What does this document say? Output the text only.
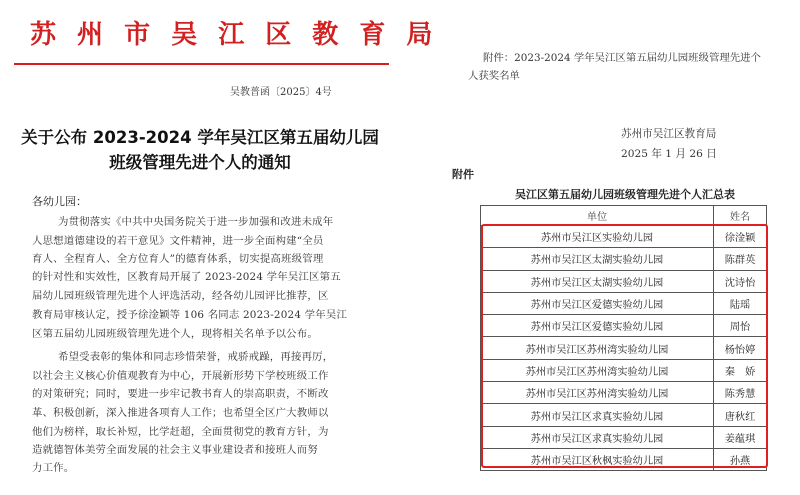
苏 州 市 吴 江 区 教 育 局
吴教普函〔2025〕4号
关于公布 2023-2024 学年吴江区第五届幼儿园
班级管理先进个人的通知
各幼儿园：
为贯彻落实《中共中央国务院关于进一步加强和改进未成年
人思想道德建设的若干意见》文件精神，进一步全面构建“全员
育人、全程育人、全方位育人”的德育体系，切实提高班级管理
的针对性和实效性，区教育局开展了 2023-2024 学年吴江区第五
届幼儿园班级管理先进个人评选活动，经各幼儿园评比推荐，区
教育局审核认定，授予徐淦颖等 106 名同志 2023-2024 学年吴江
区第五届幼儿园班级管理先进个人，现将相关名单予以公布。
希望受表彰的集体和同志珍惜荣誉，戒骄戒躁，再接再厉，
以社会主义核心价值观教育为中心，开展新形势下学校班级工作
的对策研究；同时，要进一步牢记教书育人的崇高职责，不断改
革、积极创新，深入推进各项育人工作；也希望全区广大教师以
他们为榜样，取长补短，比学赶超，全面贯彻党的教育方针，为
造就德智体美劳全面发展的社会主义事业建设者和接班人而努
力工作。
附件：2023-2024 学年吴江区第五届幼儿园班级管理先进个
人获奖名单
苏州市吴江区教育局
2025 年 1 月 26 日
附件
吴江区第五届幼儿园班级管理先进个人汇总表
单位	姓名
苏州市吴江区实验幼儿园	徐淦颖
苏州市吴江区太湖实验幼儿园	陈群英
苏州市吴江区太湖实验幼儿园	沈诗怡
苏州市吴江区爱德实验幼儿园	陆瑶
苏州市吴江区爱德实验幼儿园	周怡
苏州市吴江区苏州湾实验幼儿园	杨怡婷
苏州市吴江区苏州湾实验幼儿园	秦　娇
苏州市吴江区苏州湾实验幼儿园	陈秀慧
苏州市吴江区求真实验幼儿园	唐秋红
苏州市吴江区求真实验幼儿园	姜蕴琪
苏州市吴江区秋枫实验幼儿园	孙燕
